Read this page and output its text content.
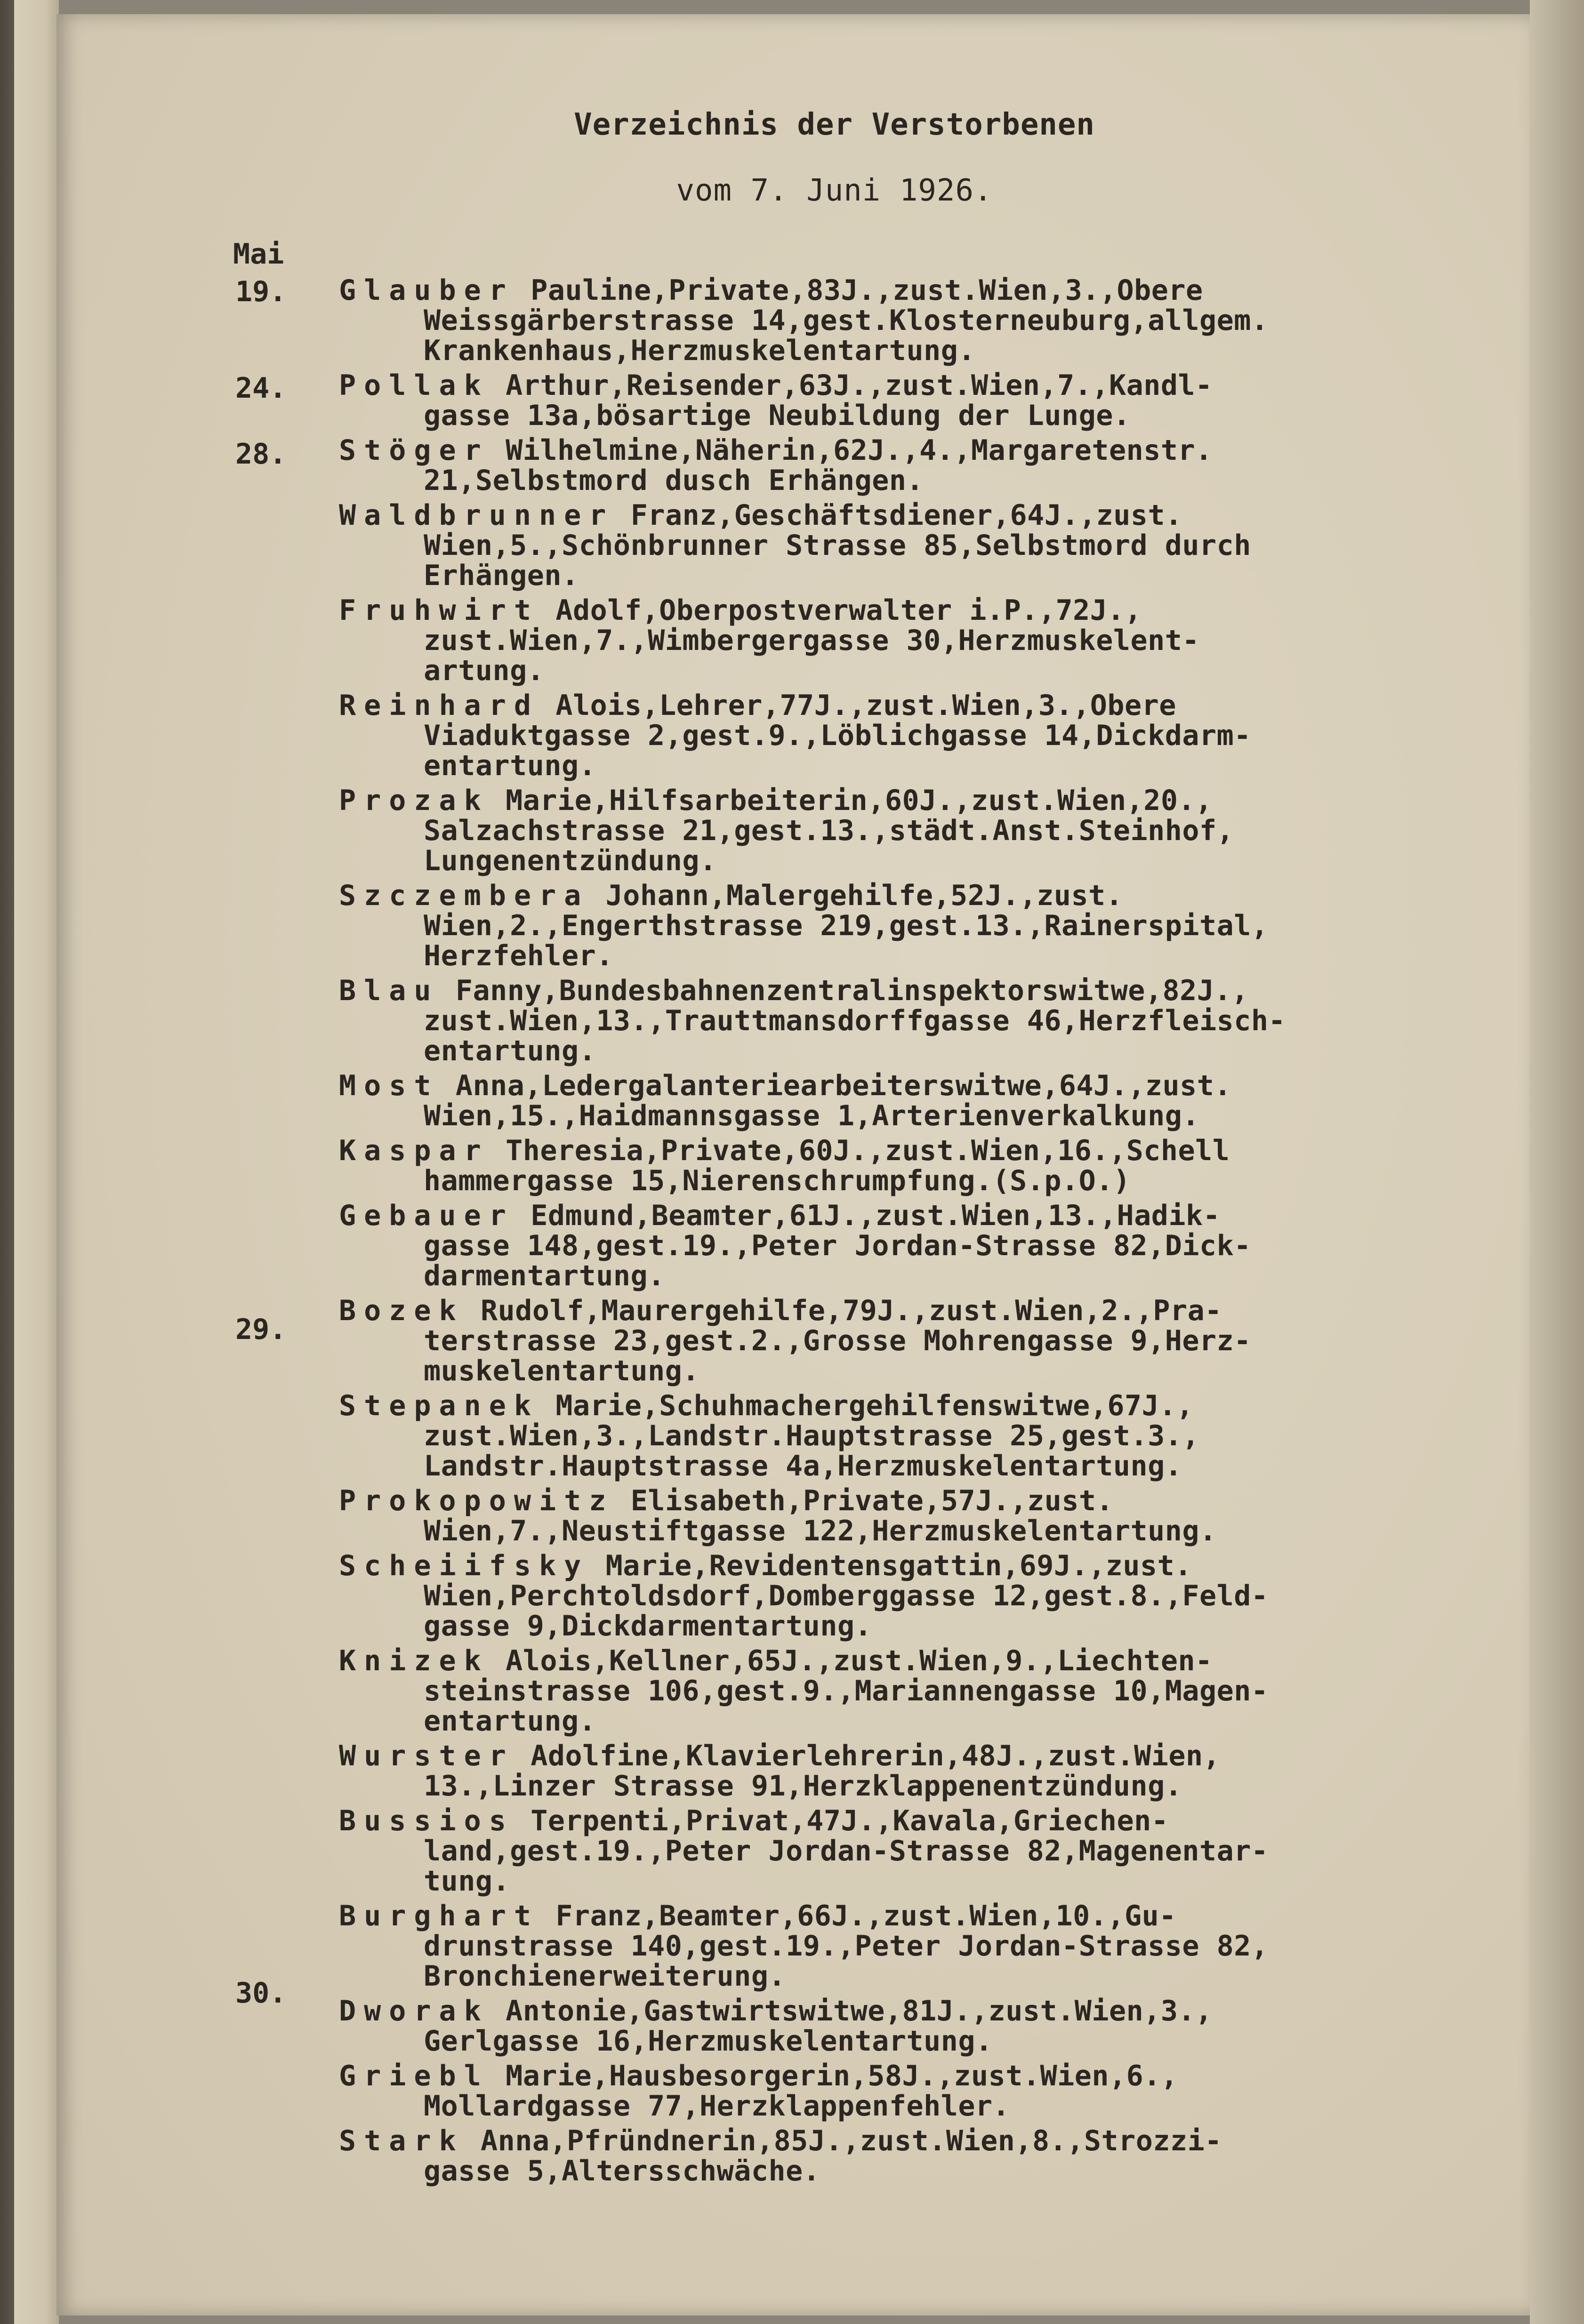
Verzeichnis der Verstorbenen
vom 7. Juni 1926.
Mai
19.
24.
28.
29.
30.
Glauber Pauline,Private,83J.,zust.Wien,3.,Obere
Weissgärberstrasse 14,gest.Klosterneuburg,allgem.
Krankenhaus,Herzmuskelentartung.
Pollak Arthur,Reisender,63J.,zust.Wien,7.,Kandl-
gasse 13a,bösartige Neubildung der Lunge.
Stöger Wilhelmine,Näherin,62J.,4.,Margaretenstr.
21,Selbstmord dusch Erhängen.
Waldbrunner Franz,Geschäftsdiener,64J.,zust.
Wien,5.,Schönbrunner Strasse 85,Selbstmord durch
Erhängen.
Fruhwirt Adolf,Oberpostverwalter i.P.,72J.,
zust.Wien,7.,Wimbergergasse 30,Herzmuskelent-
artung.
Reinhard Alois,Lehrer,77J.,zust.Wien,3.,Obere
Viaduktgasse 2,gest.9.,Löblichgasse 14,Dickdarm-
entartung.
Prozak Marie,Hilfsarbeiterin,60J.,zust.Wien,20.,
Salzachstrasse 21,gest.13.,städt.Anst.Steinhof,
Lungenentzündung.
Szczembera Johann,Malergehilfe,52J.,zust.
Wien,2.,Engerthstrasse 219,gest.13.,Rainerspital,
Herzfehler.
Blau Fanny,Bundesbahnenzentralinspektorswitwe,82J.,
zust.Wien,13.,Trauttmansdorffgasse 46,Herzfleisch-
entartung.
Most Anna,Ledergalanteriearbeiterswitwe,64J.,zust.
Wien,15.,Haidmannsgasse 1,Arterienverkalkung.
Kaspar Theresia,Private,60J.,zust.Wien,16.,Schell
hammergasse 15,Nierenschrumpfung.(S.p.O.)
Gebauer Edmund,Beamter,61J.,zust.Wien,13.,Hadik-
gasse 148,gest.19.,Peter Jordan-Strasse 82,Dick-
darmentartung.
Bozek Rudolf,Maurergehilfe,79J.,zust.Wien,2.,Pra-
terstrasse 23,gest.2.,Grosse Mohrengasse 9,Herz-
muskelentartung.
Stepanek Marie,Schuhmachergehilfenswitwe,67J.,
zust.Wien,3.,Landstr.Hauptstrasse 25,gest.3.,
Landstr.Hauptstrasse 4a,Herzmuskelentartung.
Prokopowitz Elisabeth,Private,57J.,zust.
Wien,7.,Neustiftgasse 122,Herzmuskelentartung.
Scheiifsky Marie,Revidentensgattin,69J.,zust.
Wien,Perchtoldsdorf,Domberggasse 12,gest.8.,Feld-
gasse 9,Dickdarmentartung.
Knizek Alois,Kellner,65J.,zust.Wien,9.,Liechten-
steinstrasse 106,gest.9.,Mariannengasse 10,Magen-
entartung.
Wurster Adolfine,Klavierlehrerin,48J.,zust.Wien,
13.,Linzer Strasse 91,Herzklappenentzündung.
Bussios Terpenti,Privat,47J.,Kavala,Griechen-
land,gest.19.,Peter Jordan-Strasse 82,Magenentar-
tung.
Burghart Franz,Beamter,66J.,zust.Wien,10.,Gu-
drunstrasse 140,gest.19.,Peter Jordan-Strasse 82,
Bronchienerweiterung.
Dworak Antonie,Gastwirtswitwe,81J.,zust.Wien,3.,
Gerlgasse 16,Herzmuskelentartung.
Griebl Marie,Hausbesorgerin,58J.,zust.Wien,6.,
Mollardgasse 77,Herzklappenfehler.
Stark Anna,Pfründnerin,85J.,zust.Wien,8.,Strozzi-
gasse 5,Altersschwäche.
